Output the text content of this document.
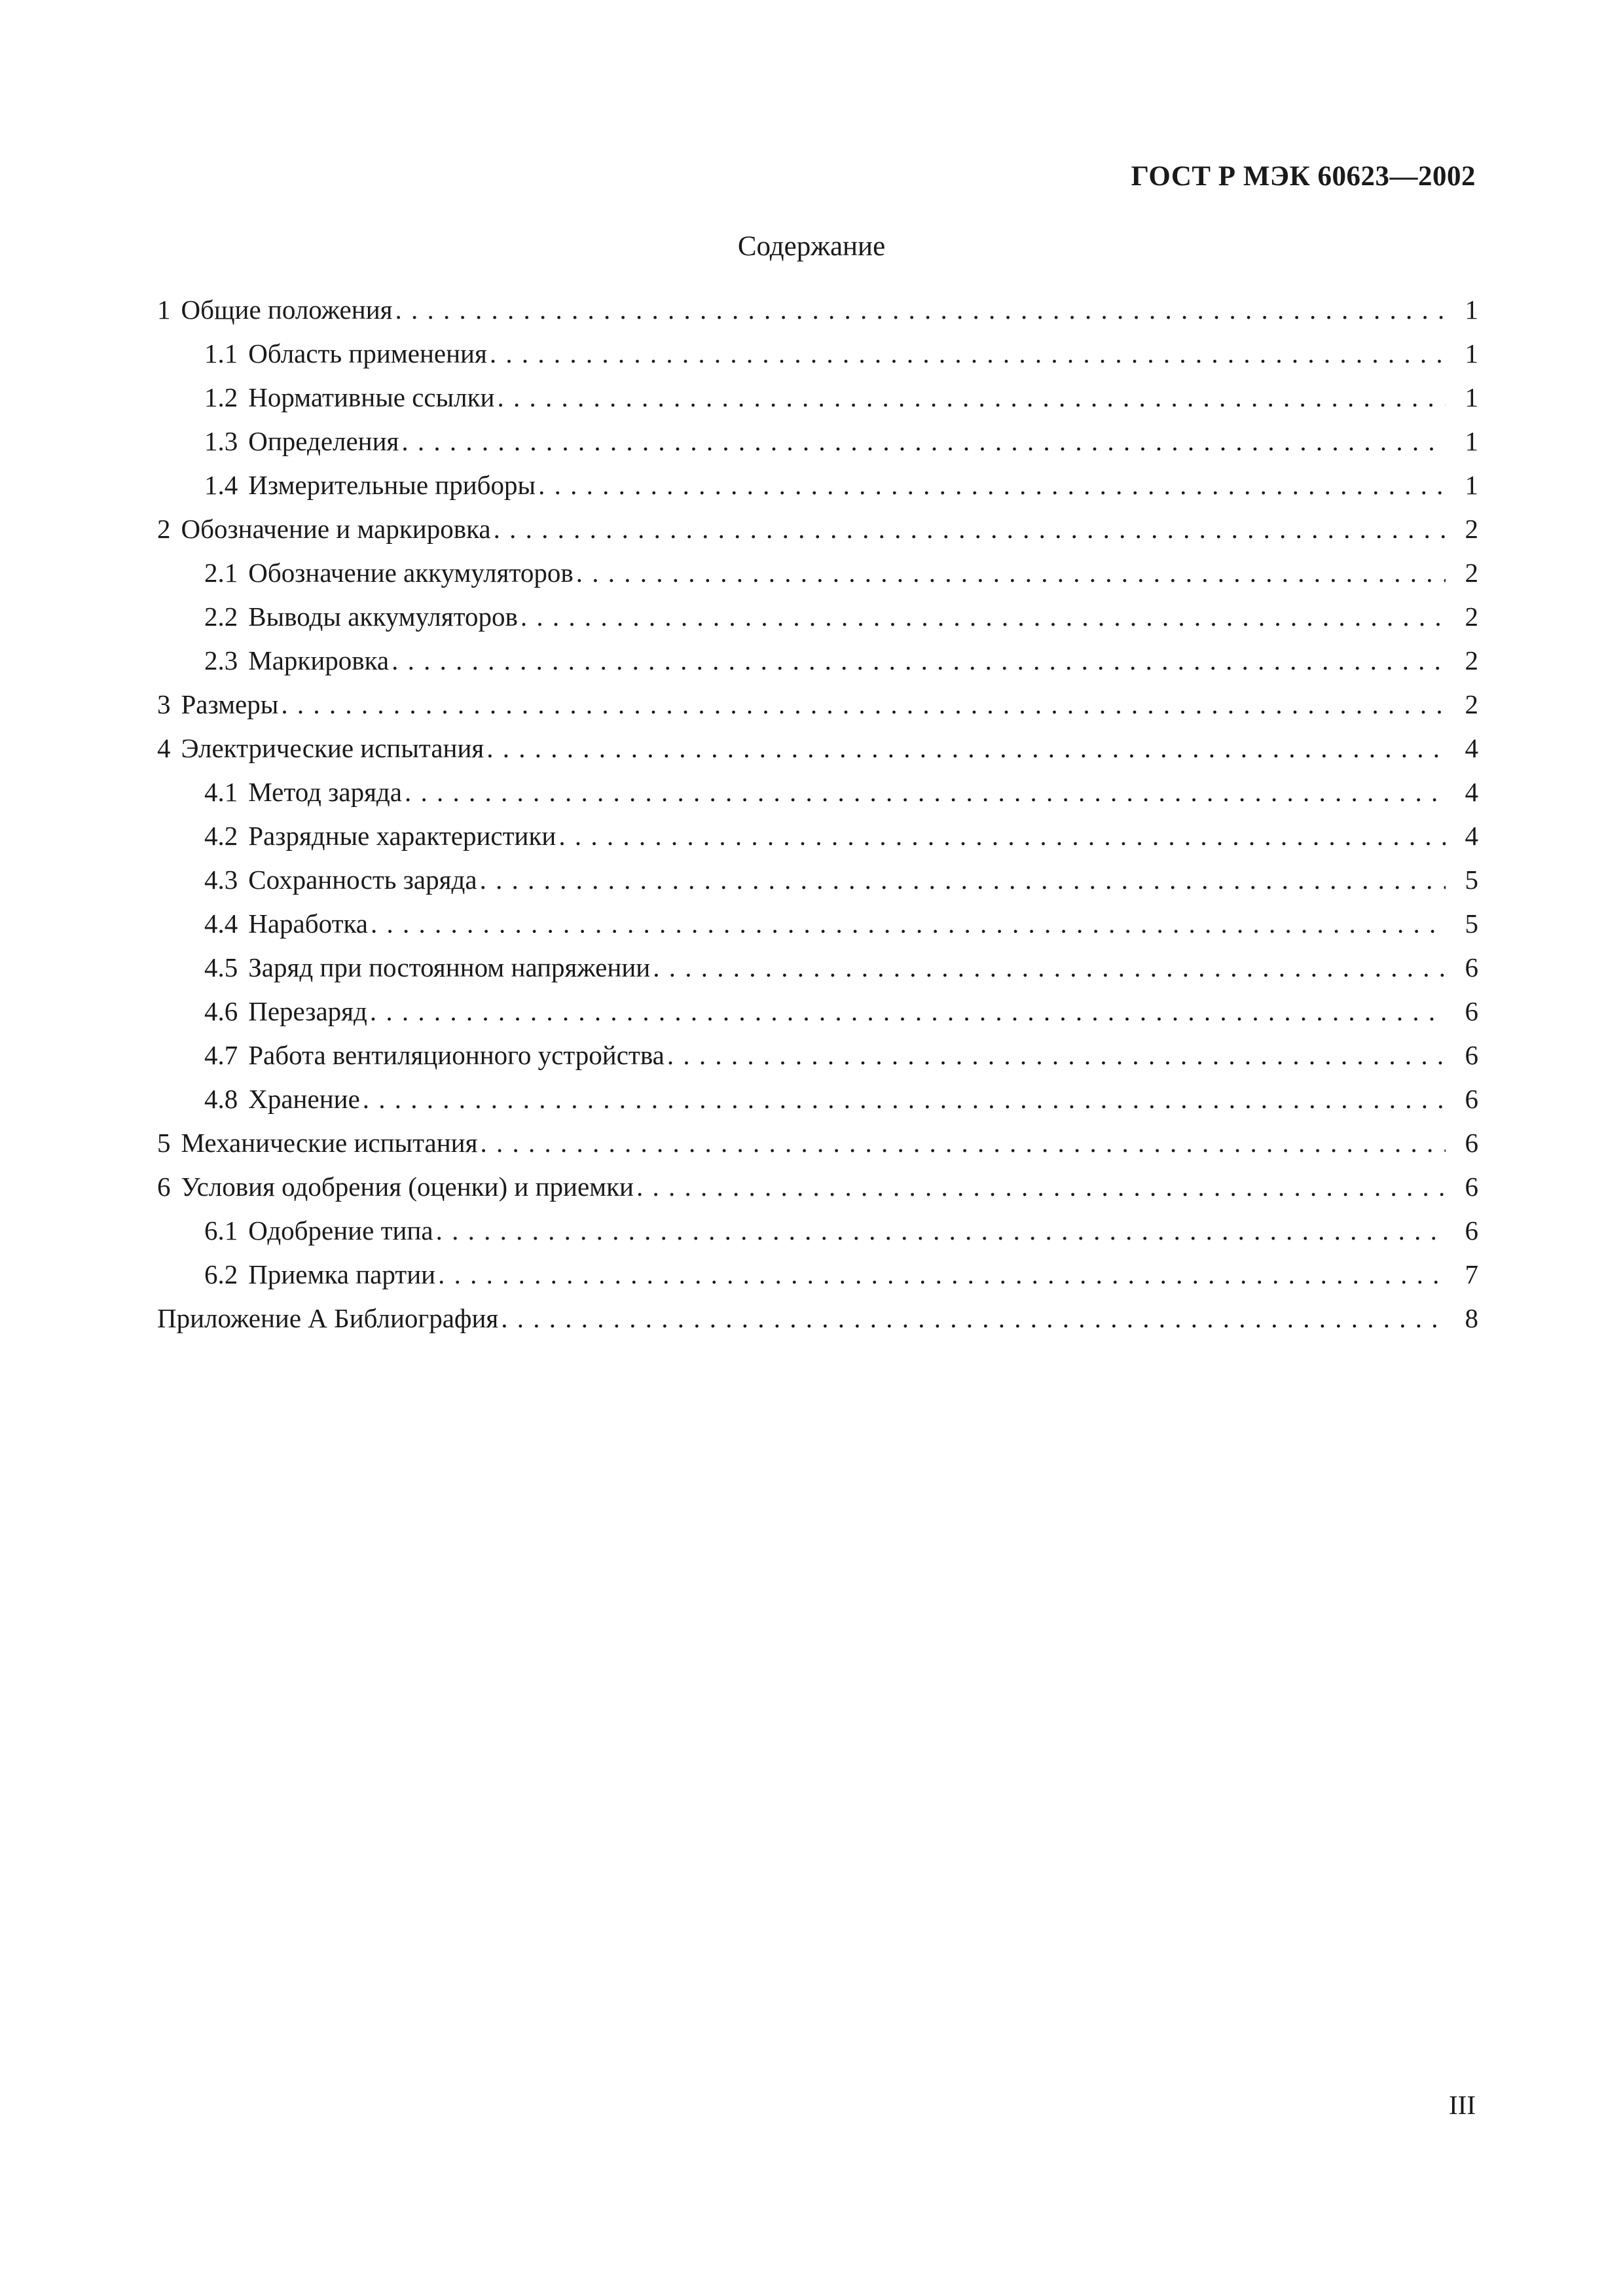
ГОСТ Р МЭК 60623—2002
Содержание
1 Общие положения . . .	1
1.1 Область применения . . .	1
1.2 Нормативные ссылки . . .	1
1.3 Определения . . .	1
1.4 Измерительные приборы . . .	1
2 Обозначение и маркировка . . .	2
2.1 Обозначение аккумуляторов . . .	2
2.2 Выводы аккумуляторов . . .	2
2.3 Маркировка . . .	2
3 Размеры . . .	2
4 Электрические испытания . . .	4
4.1 Метод заряда . . .	4
4.2 Разрядные характеристики . . .	4
4.3 Сохранность заряда . . .	5
4.4 Наработка . . .	5
4.5 Заряд при постоянном напряжении . . .	6
4.6 Перезаряд . . .	6
4.7 Работа вентиляционного устройства . . .	6
4.8 Хранение . . .	6
5 Механические испытания . . .	6
6 Условия одобрения (оценки) и приемки . . .	6
6.1 Одобрение типа . . .	6
6.2 Приемка партии . . .	7
Приложение А Библиография . . .	8
III
